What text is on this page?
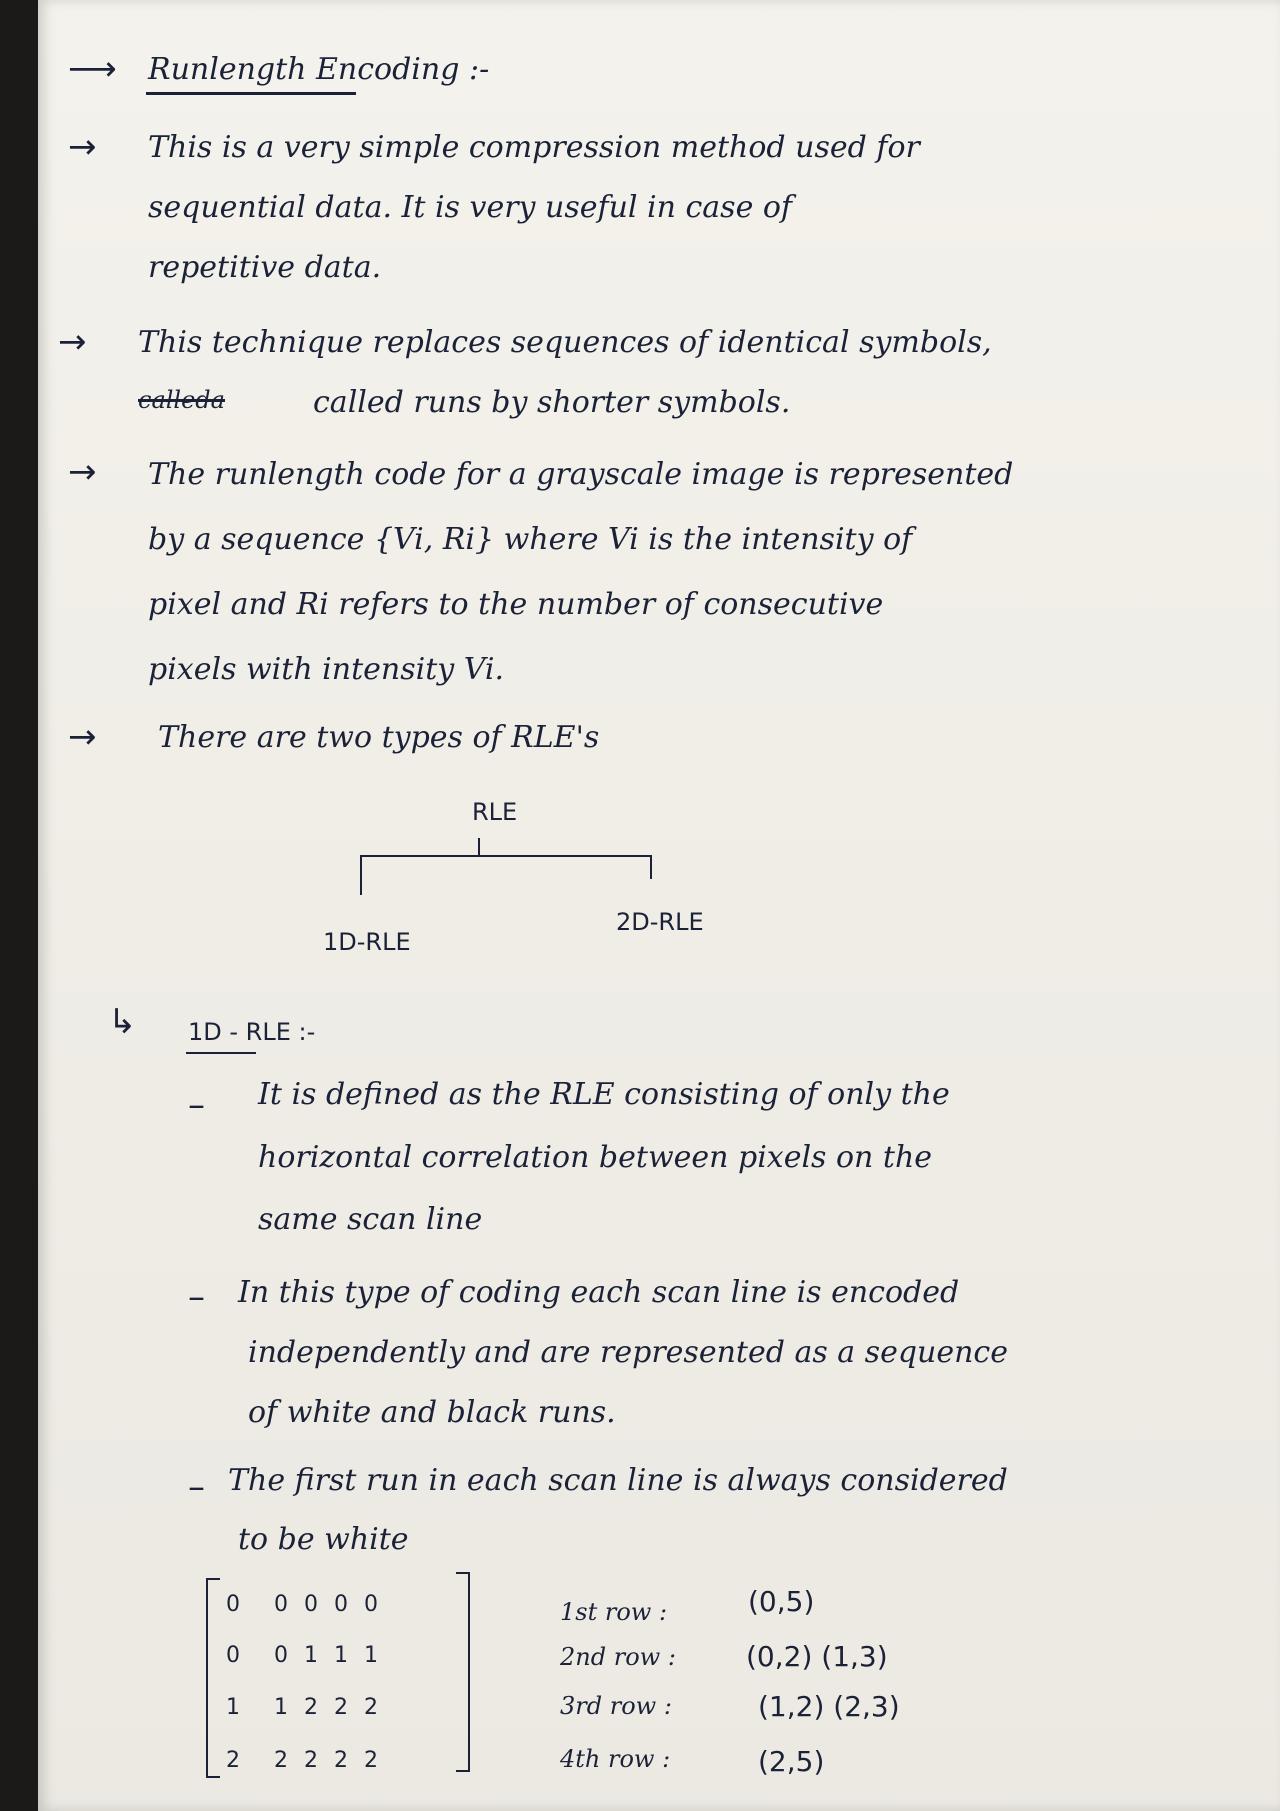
⟶ Runlength Encoding :-
→ This is a very simple compression method used for
sequential data. It is very useful in case of
repetitive data.
→ This technique replaces sequences of identical symbols,
calleda	called runs by shorter symbols.
→ The runlength code for a grayscale image is represented
by a sequence {Vi, Ri} where Vi is the intensity of
pixel and Ri refers to the number of consecutive
pixels with intensity Vi.
→ There are two types of RLE's
RLE
1D-RLE
2D-RLE
↳ 1D - RLE :-
– It is defined as the RLE consisting of only the
horizontal correlation between pixels on the
same scan line
– In this type of coding each scan line is encoded
independently and are represented as a sequence
of white and black runs.
– The first run in each scan line is always considered
to be white
0	0 0 0 0
0	0 1 1 1
1	1 2 2 2
2	2 2 2 2
1st row :	(0,5)
2nd row :	(0,2) (1,3)
3rd row :	(1,2) (2,3)
4th row :	(2,5)
